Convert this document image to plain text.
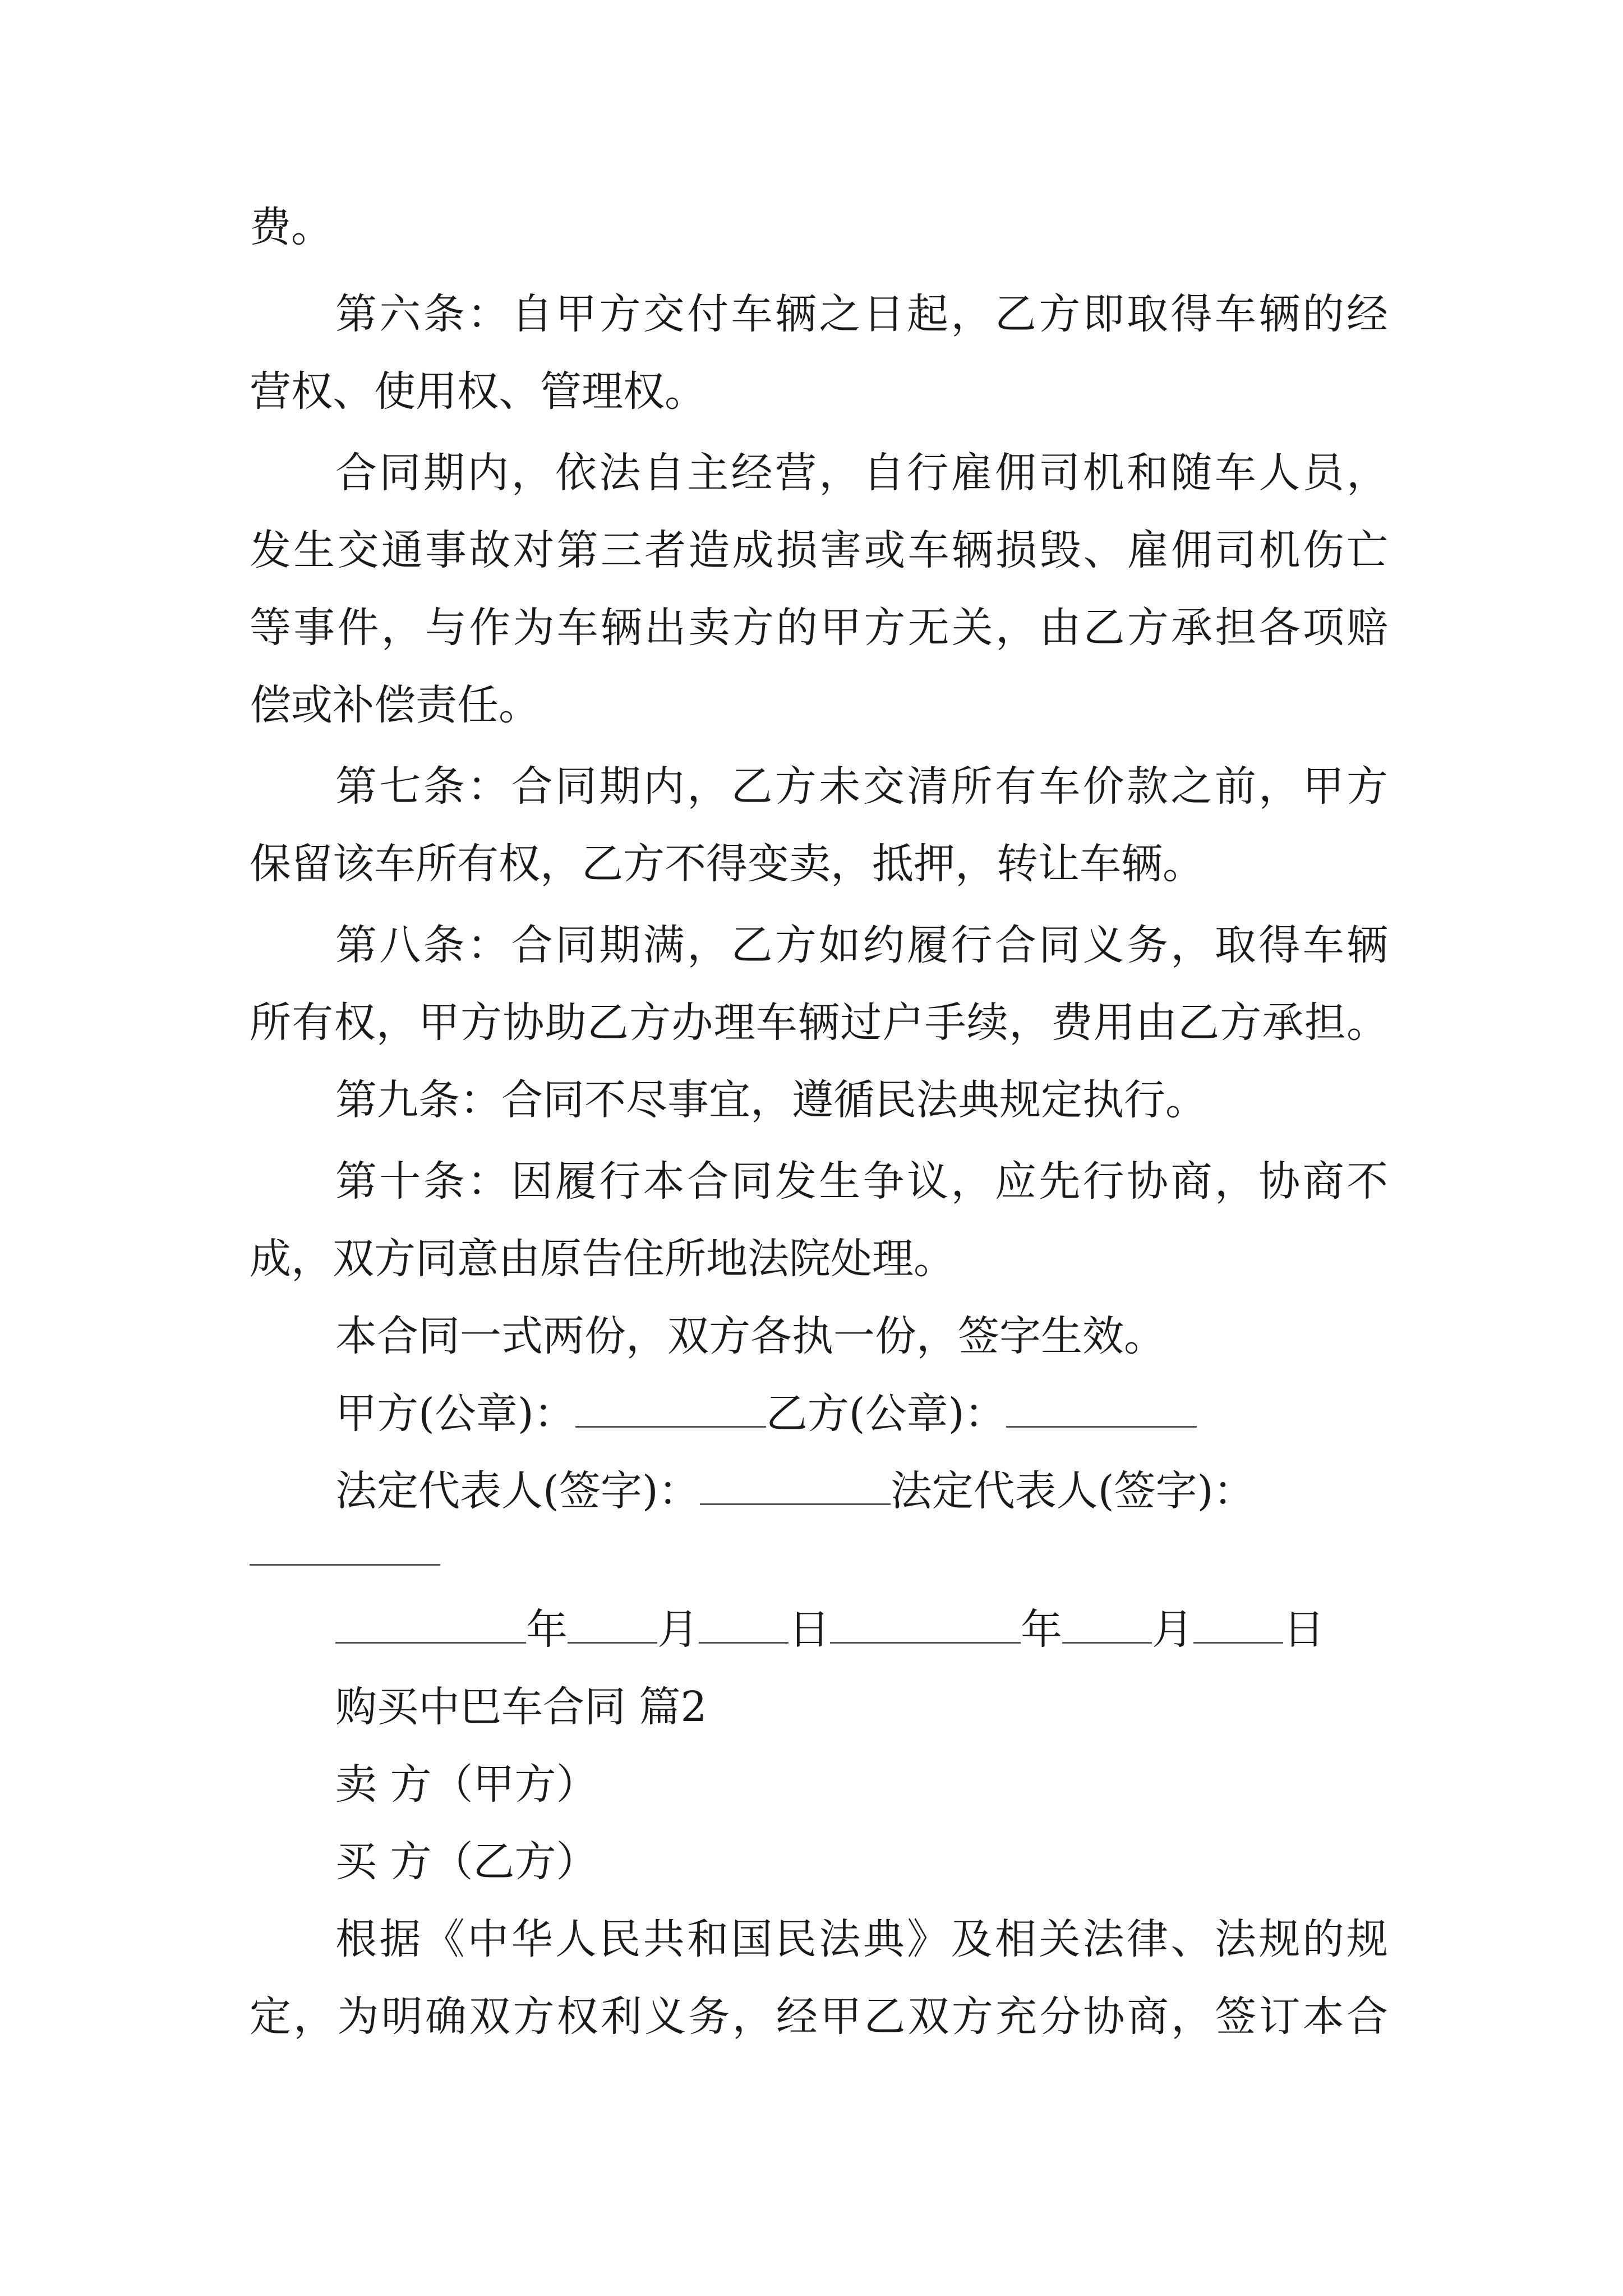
费。

第六条：自甲方交付车辆之日起，乙方即取得车辆的经

营权、使用权、管理权。

合同期内，依法自主经营，自行雇佣司机和随车人员，

发生交通事故对第三者造成损害或车辆损毁、雇佣司机伤亡

等事件，与作为车辆出卖方的甲方无关，由乙方承担各项赔

偿或补偿责任。

第七条：合同期内，乙方未交清所有车价款之前，甲方

保留该车所有权，乙方不得变卖，抵押，转让车辆。

第八条：合同期满，乙方如约履行合同义务，取得车辆

所有权，甲方协助乙方办理车辆过户手续，费用由乙方承担。

第九条：合同不尽事宜，遵循民法典规定执行。

第十条：因履行本合同发生争议，应先行协商，协商不

成，双方同意由原告住所地法院处理。

本合同一式两份，双方各执一份，签字生效。

甲方(公章)：	乙方(公章)：

法定代表人(签字)：	法定代表人(签字)：

年 月 日	年 月 日

购买中巴车合同 篇2

卖 方（甲方）

买 方（乙方）

根据《中华人民共和国民法典》及相关法律、法规的规

定，为明确双方权利义务，经甲乙双方充分协商，签订本合
